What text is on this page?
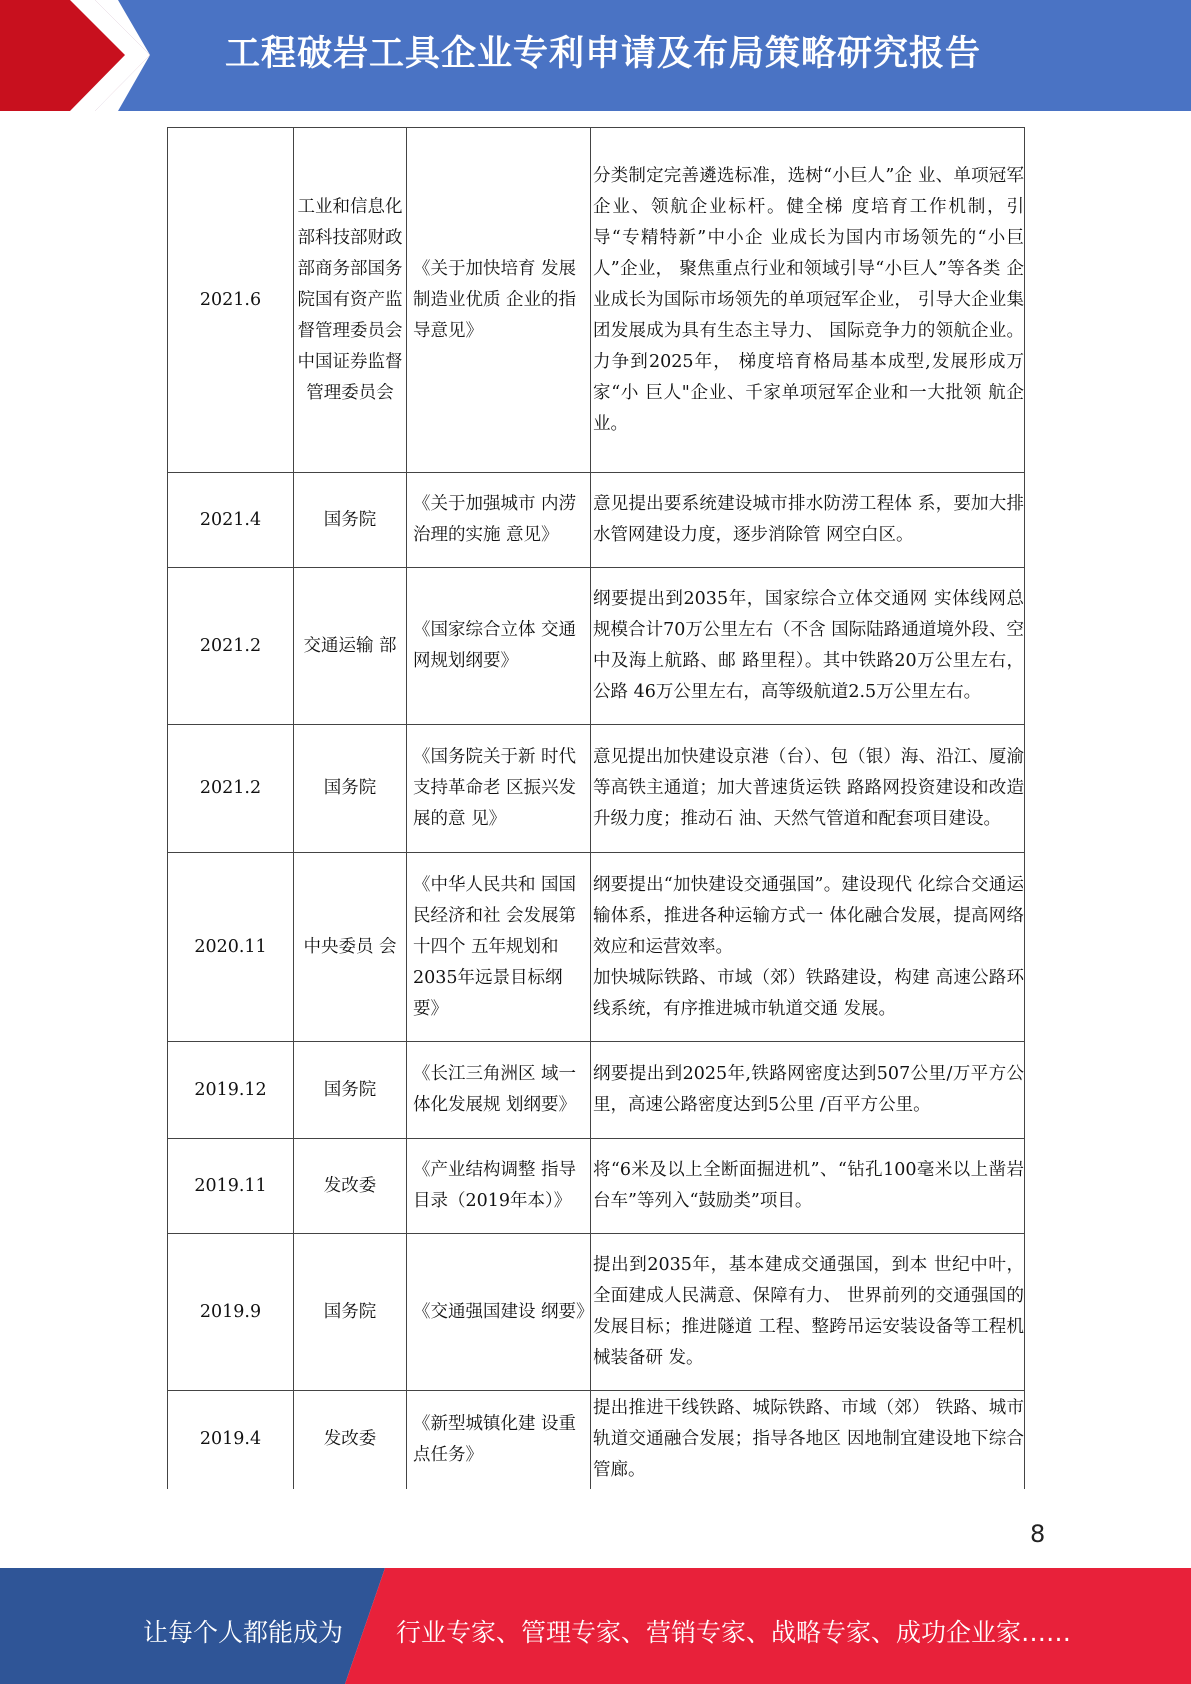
工程破岩工具企业专利申请及布局策略研究报告
2021.6	工业和信息化部科技部财政部商务部国务院国有资产监督管理委员会中国证券监督管理委员会	《关于加快培育 发展制造业优质 企业的指导意见》	分类制定完善遴选标准，选树“小巨人”企 业、单项冠军企业、领航企业标杆。健全梯 度培育工作机制，引导“专精特新”中小企 业成长为国内市场领先的“小巨人”企业， 聚焦重点行业和领域引导“小巨人”等各类 企业成长为国际市场领先的单项冠军企业， 引导大企业集团发展成为具有生态主导力、 国际竞争力的领航企业。力争到2025年， 梯度培育格局基本成型,发展形成万家“小 巨人"企业、千家单项冠军企业和一大批领 航企业。
2021.4	国务院	《关于加强城市 内涝治理的实施 意见》	意见提出要系统建设城市排水防涝工程体 系，要加大排水管网建设力度，逐步消除管 网空白区。
2021.2	交通运输 部	《国家综合立体 交通网规划纲要》	纲要提出到2035年，国家综合立体交通网 实体线网总规模合计70万公里左右（不含 国际陆路通道境外段、空中及海上航路、邮 路里程）。其中铁路20万公里左右，公路 46万公里左右，高等级航道2.5万公里左右。
2021.2	国务院	《国务院关于新 时代支持革命老 区振兴发展的意 见》	意见提出加快建设京港（台）、包（银）海、沿江、厦渝等高铁主通道；加大普速货运铁 路路网投资建设和改造升级力度；推动石 油、天然气管道和配套项目建设。
2020.11	中央委员 会	《中华人民共和 国国民经济和社 会发展第十四个 五年规划和2035年远景目标纲要》	纲要提出“加快建设交通强国”。建设现代 化综合交通运输体系，推进各种运输方式一 体化融合发展，提高网络效应和运营效率。
加快城际铁路、市域（郊）铁路建设，构建 高速公路环线系统，有序推进城市轨道交通 发展。

2019.12	国务院	《长江三角洲区 域一体化发展规 划纲要》	纲要提出到2025年,铁路网密度达到507公里/万平方公里，高速公路密度达到5公里 /百平方公里。
2019.11	发改委	《产业结构调整 指导目录（2019年本）》	将“6米及以上全断面掘进机”、“钻孔100毫米以上凿岩台车”等列入“鼓励类”项目。
2019.9	国务院	《交通强国建设 纲要》	提出到2035年，基本建成交通强国，到本 世纪中叶，全面建成人民满意、保障有力、 世界前列的交通强国的发展目标；推进隧道 工程、整跨吊运安装设备等工程机械装备研 发。
2019.4	发改委	《新型城镇化建 设重点任务》	提出推进干线铁路、城际铁路、市域（郊） 铁路、城市轨道交通融合发展；指导各地区 因地制宜建设地下综合管廊。
8
让每个人都能成为 行业专家、管理专家、营销专家、战略专家、成功企业家……
